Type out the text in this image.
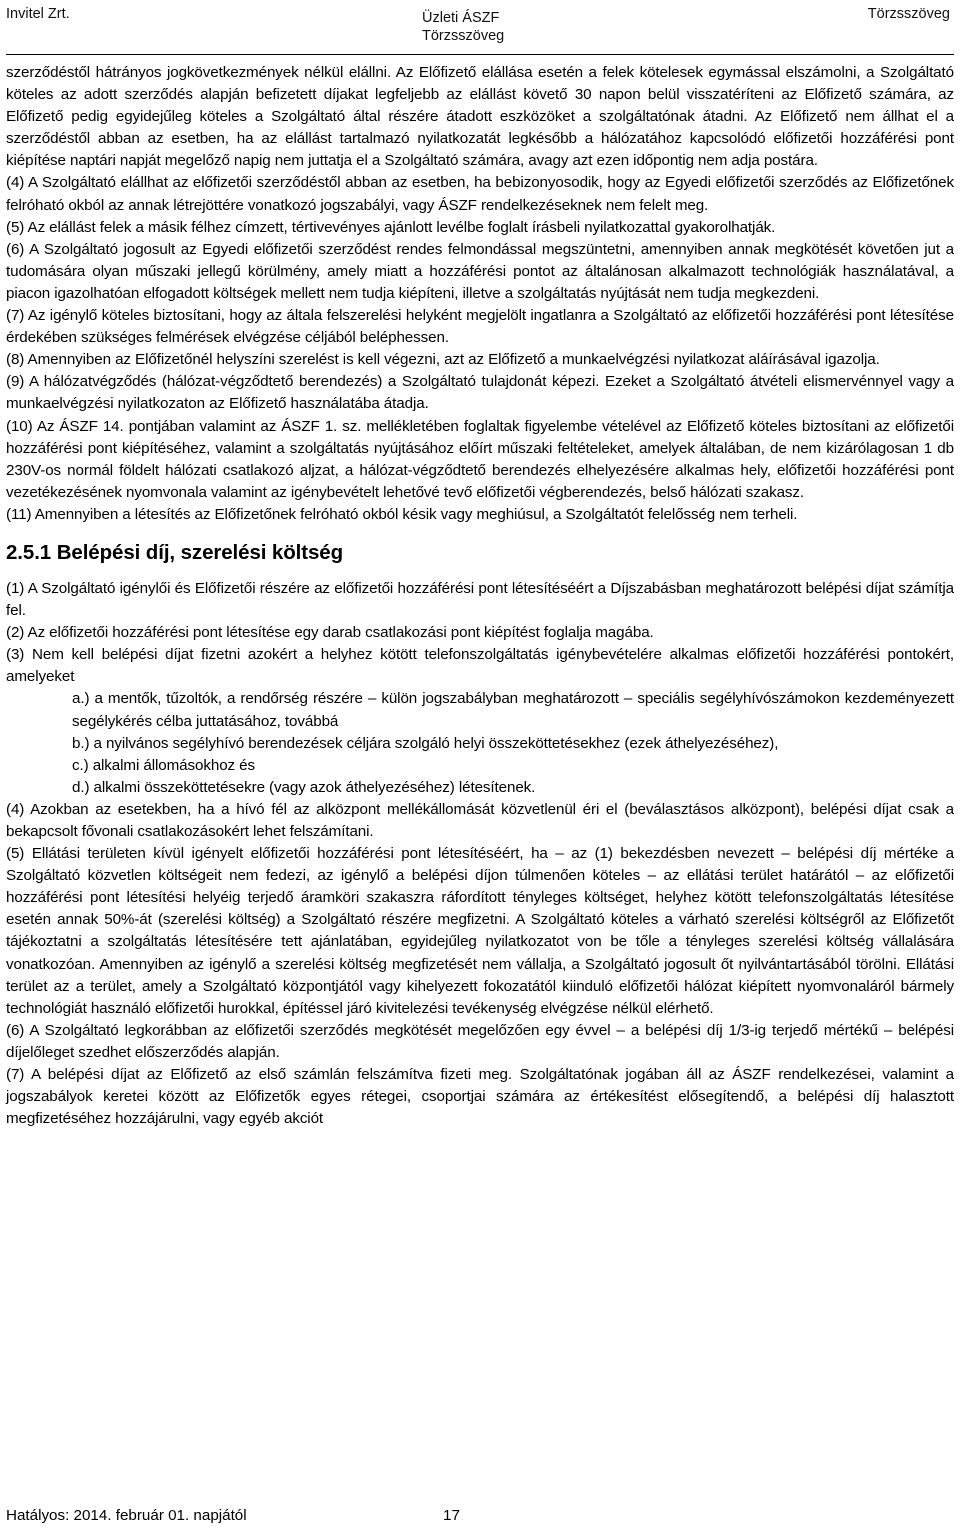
Invitel Zrt.	Üzleti ÁSZF
Törzsszöveg
Törzsszöveg

szerződéstől hátrányos jogkövetkezmények nélkül elállni. Az Előfizető elállása esetén a felek kötelesek egymással elszámolni, a Szolgáltató köteles az adott szerződés alapján befizetett díjakat legfeljebb az elállást követő 30 napon belül visszatéríteni az Előfizető számára, az Előfizető pedig egyidejűleg köteles a Szolgáltató által részére átadott eszközöket a szolgáltatónak átadni. Az Előfizető nem állhat el a szerződéstől abban az esetben, ha az elállást tartalmazó nyilatkozatát legkésőbb a hálózatához kapcsolódó előfizetői hozzáférési pont kiépítése naptári napját megelőző napig nem juttatja el a Szolgáltató számára, avagy azt ezen időpontig nem adja postára.

(4) A Szolgáltató elállhat az előfizetői szerződéstől abban az esetben, ha bebizonyosodik, hogy az Egyedi előfizetői szerződés az Előfizetőnek felróható okból az annak létrejöttére vonatkozó jogszabályi, vagy ÁSZF rendelkezéseknek nem felelt meg.

(5) Az elállást felek a másik félhez címzett, tértivevényes ajánlott levélbe foglalt írásbeli nyilatkozattal gyakorolhatják.

(6) A Szolgáltató jogosult az Egyedi előfizetői szerződést rendes felmondással megszüntetni, amennyiben annak megkötését követően jut a tudomására olyan műszaki jellegű körülmény, amely miatt a hozzáférési pontot az általánosan alkalmazott technológiák használatával, a piacon igazolhatóan elfogadott költségek mellett nem tudja kiépíteni, illetve a szolgáltatás nyújtását nem tudja megkezdeni.

(7) Az igénylő köteles biztosítani, hogy az általa felszerelési helyként megjelölt ingatlanra a Szolgáltató az előfizetői hozzáférési pont létesítése érdekében szükséges felmérések elvégzése céljából beléphessen.

(8) Amennyiben az Előfizetőnél helyszíni szerelést is kell végezni, azt az Előfizető a munkaelvégzési nyilatkozat aláírásával igazolja.

(9) A hálózatvégződés (hálózat-végződtető berendezés) a Szolgáltató tulajdonát képezi. Ezeket a Szolgáltató átvételi elismervénnyel vagy a munkaelvégzési nyilatkozaton az Előfizető használatába átadja.

(10) Az ÁSZF 14. pontjában valamint az ÁSZF 1. sz. mellékletében foglaltak figyelembe vételével az Előfizető köteles biztosítani az előfizetői hozzáférési pont kiépítéséhez, valamint a szolgáltatás nyújtásához előírt műszaki feltételeket, amelyek általában, de nem kizárólagosan 1 db 230V-os normál földelt hálózati csatlakozó aljzat, a hálózat-végződtető berendezés elhelyezésére alkalmas hely, előfizetői hozzáférési pont vezetékezésének nyomvonala valamint az igénybevételt lehetővé tevő előfizetői végberendezés, belső hálózati szakasz.

(11) Amennyiben a létesítés az Előfizetőnek felróható okból késik vagy meghiúsul, a Szolgáltatót felelősség nem terheli.

2.5.1 Belépési díj, szerelési költség

(1) A Szolgáltató igénylői és Előfizetői részére az előfizetői hozzáférési pont létesítéséért a Díjszabásban meghatározott belépési díjat számítja fel.

(2) Az előfizetői hozzáférési pont létesítése egy darab csatlakozási pont kiépítést foglalja magába.

(3) Nem kell belépési díjat fizetni azokért a helyhez kötött telefonszolgáltatás igénybevételére alkalmas előfizetői hozzáférési pontokért, amelyeket

a.) a mentők, tűzoltók, a rendőrség részére – külön jogszabályban meghatározott – speciális segélyhívószámokon kezdeményezett segélykérés célba juttatásához, továbbá

b.) a nyilvános segélyhívó berendezések céljára szolgáló helyi összeköttetésekhez (ezek áthelyezéséhez),

c.) alkalmi állomásokhoz és

d.) alkalmi összeköttetésekre (vagy azok áthelyezéséhez) létesítenek.

(4) Azokban az esetekben, ha a hívó fél az alközpont mellékállomását közvetlenül éri el (beválasztásos alközpont), belépési díjat csak a bekapcsolt fővonali csatlakozásokért lehet felszámítani.

(5) Ellátási területen kívül igényelt előfizetői hozzáférési pont létesítéséért, ha – az (1) bekezdésben nevezett – belépési díj mértéke a Szolgáltató közvetlen költségeit nem fedezi, az igénylő a belépési díjon túlmenően köteles – az ellátási terület határától – az előfizetői hozzáférési pont létesítési helyéig terjedő áramköri szakaszra ráfordított tényleges költséget, helyhez kötött telefonszolgáltatás létesítése esetén annak 50%-át (szerelési költség) a Szolgáltató részére megfizetni. A Szolgáltató köteles a várható szerelési költségről az Előfizetőt tájékoztatni a szolgáltatás létesítésére tett ajánlatában, egyidejűleg nyilatkozatot von be tőle a tényleges szerelési költség vállalására vonatkozóan. Amennyiben az igénylő a szerelési költség megfizetését nem vállalja, a Szolgáltató jogosult őt nyilvántartásából törölni. Ellátási terület az a terület, amely a Szolgáltató központjától vagy kihelyezett fokozatától kiinduló előfizetői hálózat kiépített nyomvonaláról bármely technológiát használó előfizetői hurokkal, építéssel járó kivitelezési tevékenység elvégzése nélkül elérhető.

(6) A Szolgáltató legkorábban az előfizetői szerződés megkötését megelőzően egy évvel – a belépési díj 1/3-ig terjedő mértékű – belépési díjelőleget szedhet előszerződés alapján.

(7) A belépési díjat az Előfizető az első számlán felszámítva fizeti meg. Szolgáltatónak jogában áll az ÁSZF rendelkezései, valamint a jogszabályok keretei között az Előfizetők egyes rétegei, csoportjai számára az értékesítést elősegítendő, a belépési díj halasztott megfizetéséhez hozzájárulni, vagy egyéb akciót

Hatályos: 2014. február 01. napjától	17
